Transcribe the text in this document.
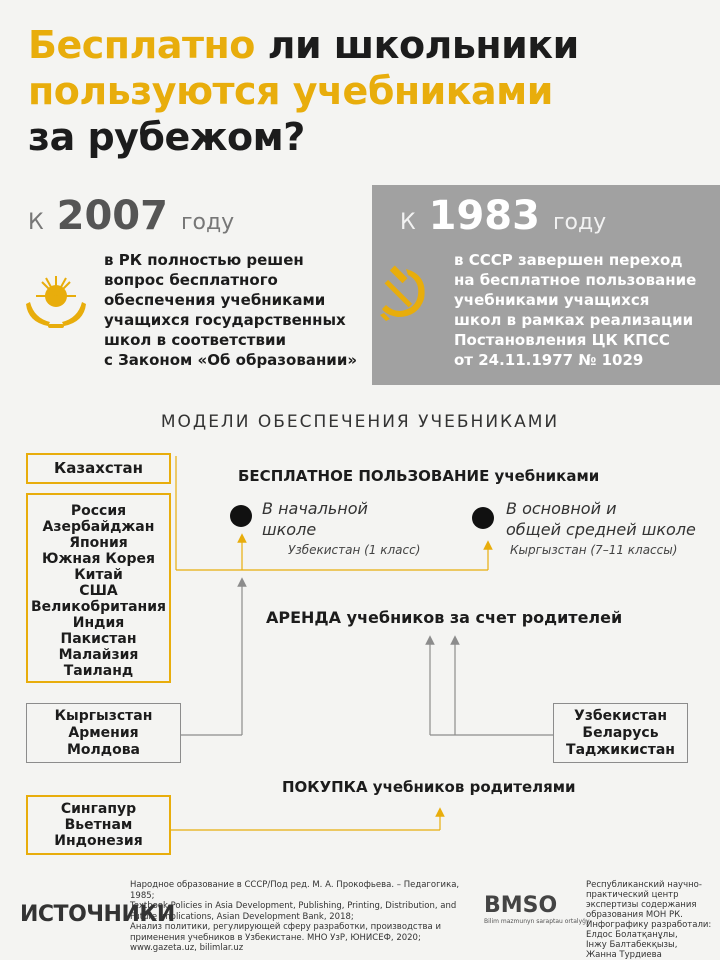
Бесплатно ли школьники
пользуются учебниками
за рубежом?
К 2007 году
в РК полностью решен
вопрос бесплатного
обеспечения учебниками
учащихся государственных
школ в соответствии
с Законом «Об образовании»
К 1983 году
в СССР завершен переход
на бесплатное пользование
учебниками учащихся
школ в рамках реализации
Постановления ЦК КПСС
от 24.11.1977 № 1029
МОДЕЛИ ОБЕСПЕЧЕНИЯ УЧЕБНИКАМИ
Казахстан
Россия
Азербайджан
Япония
Южная Корея
Китай
США
Великобритания
Индия
Пакистан
Малайзия
Таиланд
БЕСПЛАТНОЕ ПОЛЬЗОВАНИЕ учебниками
В начальной
школе
Узбекистан (1 класс)
В основной и
общей средней школе
Кыргызстан (7–11 классы)
АРЕНДА учебников за счет родителей
Кыргызстан
Армения
Молдова
Узбекистан
Беларусь
Таджикистан
ПОКУПКА учебников родителями
Сингапур
Вьетнам
Индонезия
ИСТОЧНИКИ
Народное образование в СССР/Под ред. М. А. Прокофьева. – Педагогика, 1985;
Textbook Policies in Asia Development, Publishing, Printing, Distribution, and
Future Implications, Asian Development Bank, 2018;
Анализ политики, регулирующей сферу разработки, производства и
применения учебников в Узбекистане. МНО УзР, ЮНИСЕФ, 2020;
www.gazeta.uz, bilimlar.uz
BMSO
Bilim mazmunyn saraptau ortalyǵy
Республиканский научно-
практический центр
экспертизы содержания
образования МОН РК.
Инфографику разработали:
Елдос Болатқанұлы,
Інжу Балтабекқызы,
Жанна Турдиева
